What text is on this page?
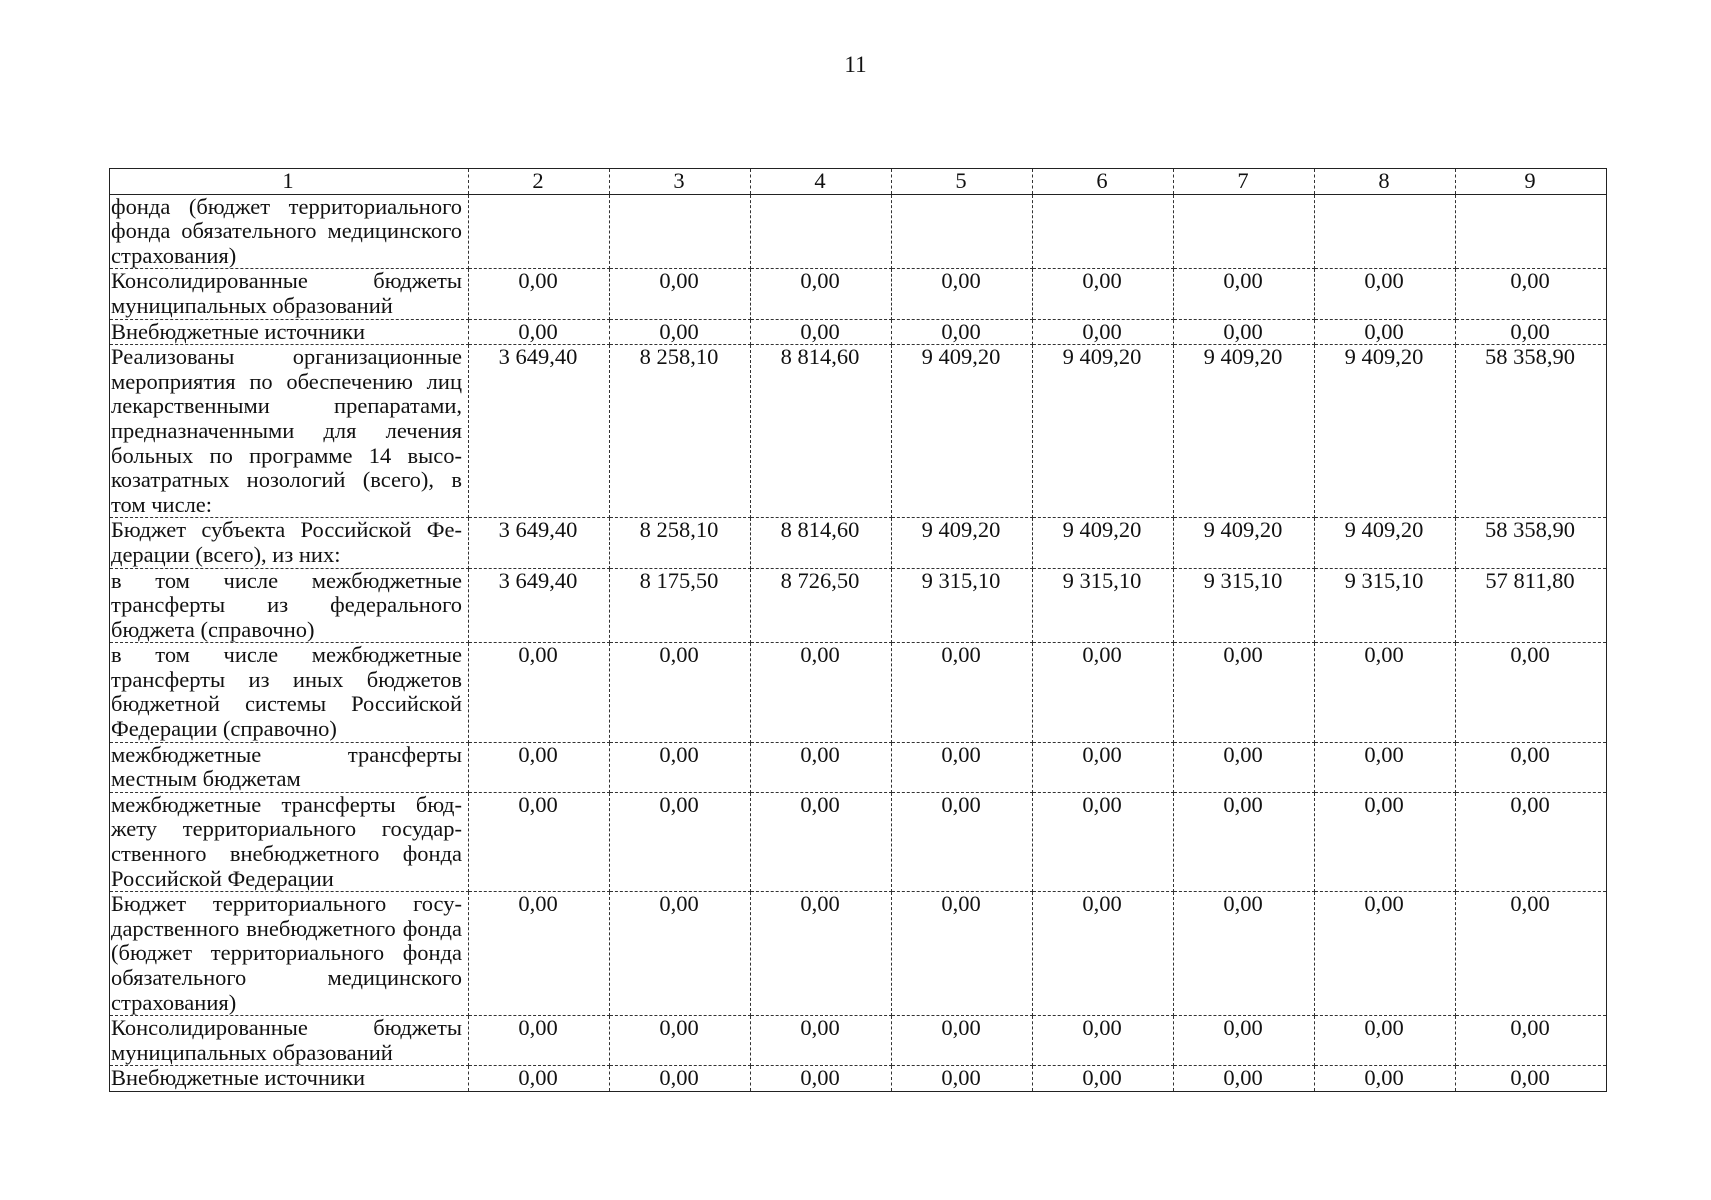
11
1	2	3	4	5	6	7	8	9
фонда (бюджет территориального фонда обязательного медицинского страхования)								
Консолидированные бюджеты муниципальных образований	0,00	0,00	0,00	0,00	0,00	0,00	0,00	0,00
Внебюджетные источники	0,00	0,00	0,00	0,00	0,00	0,00	0,00	0,00
Реализованы организационные мероприятия по обеспечению лиц лекарственными препаратами, предназначенными для лечения больных по программе 14 высокозатратных нозологий (всего), в том числе:	3 649,40	8 258,10	8 814,60	9 409,20	9 409,20	9 409,20	9 409,20	58 358,90
Бюджет субъекта Российской Федерации (всего), из них:	3 649,40	8 258,10	8 814,60	9 409,20	9 409,20	9 409,20	9 409,20	58 358,90
в том числе межбюджетные трансферты из федерального бюджета (справочно)	3 649,40	8 175,50	8 726,50	9 315,10	9 315,10	9 315,10	9 315,10	57 811,80
в том числе межбюджетные трансферты из иных бюджетов бюджетной системы Российской Федерации (справочно)	0,00	0,00	0,00	0,00	0,00	0,00	0,00	0,00
межбюджетные трансферты местным бюджетам	0,00	0,00	0,00	0,00	0,00	0,00	0,00	0,00
межбюджетные трансферты бюджету территориального государственного внебюджетного фонда Российской Федерации	0,00	0,00	0,00	0,00	0,00	0,00	0,00	0,00
Бюджет территориального государственного внебюджетного фонда (бюджет территориального фонда обязательного медицинского страхования)	0,00	0,00	0,00	0,00	0,00	0,00	0,00	0,00
Консолидированные бюджеты муниципальных образований	0,00	0,00	0,00	0,00	0,00	0,00	0,00	0,00
Внебюджетные источники	0,00	0,00	0,00	0,00	0,00	0,00	0,00	0,00
